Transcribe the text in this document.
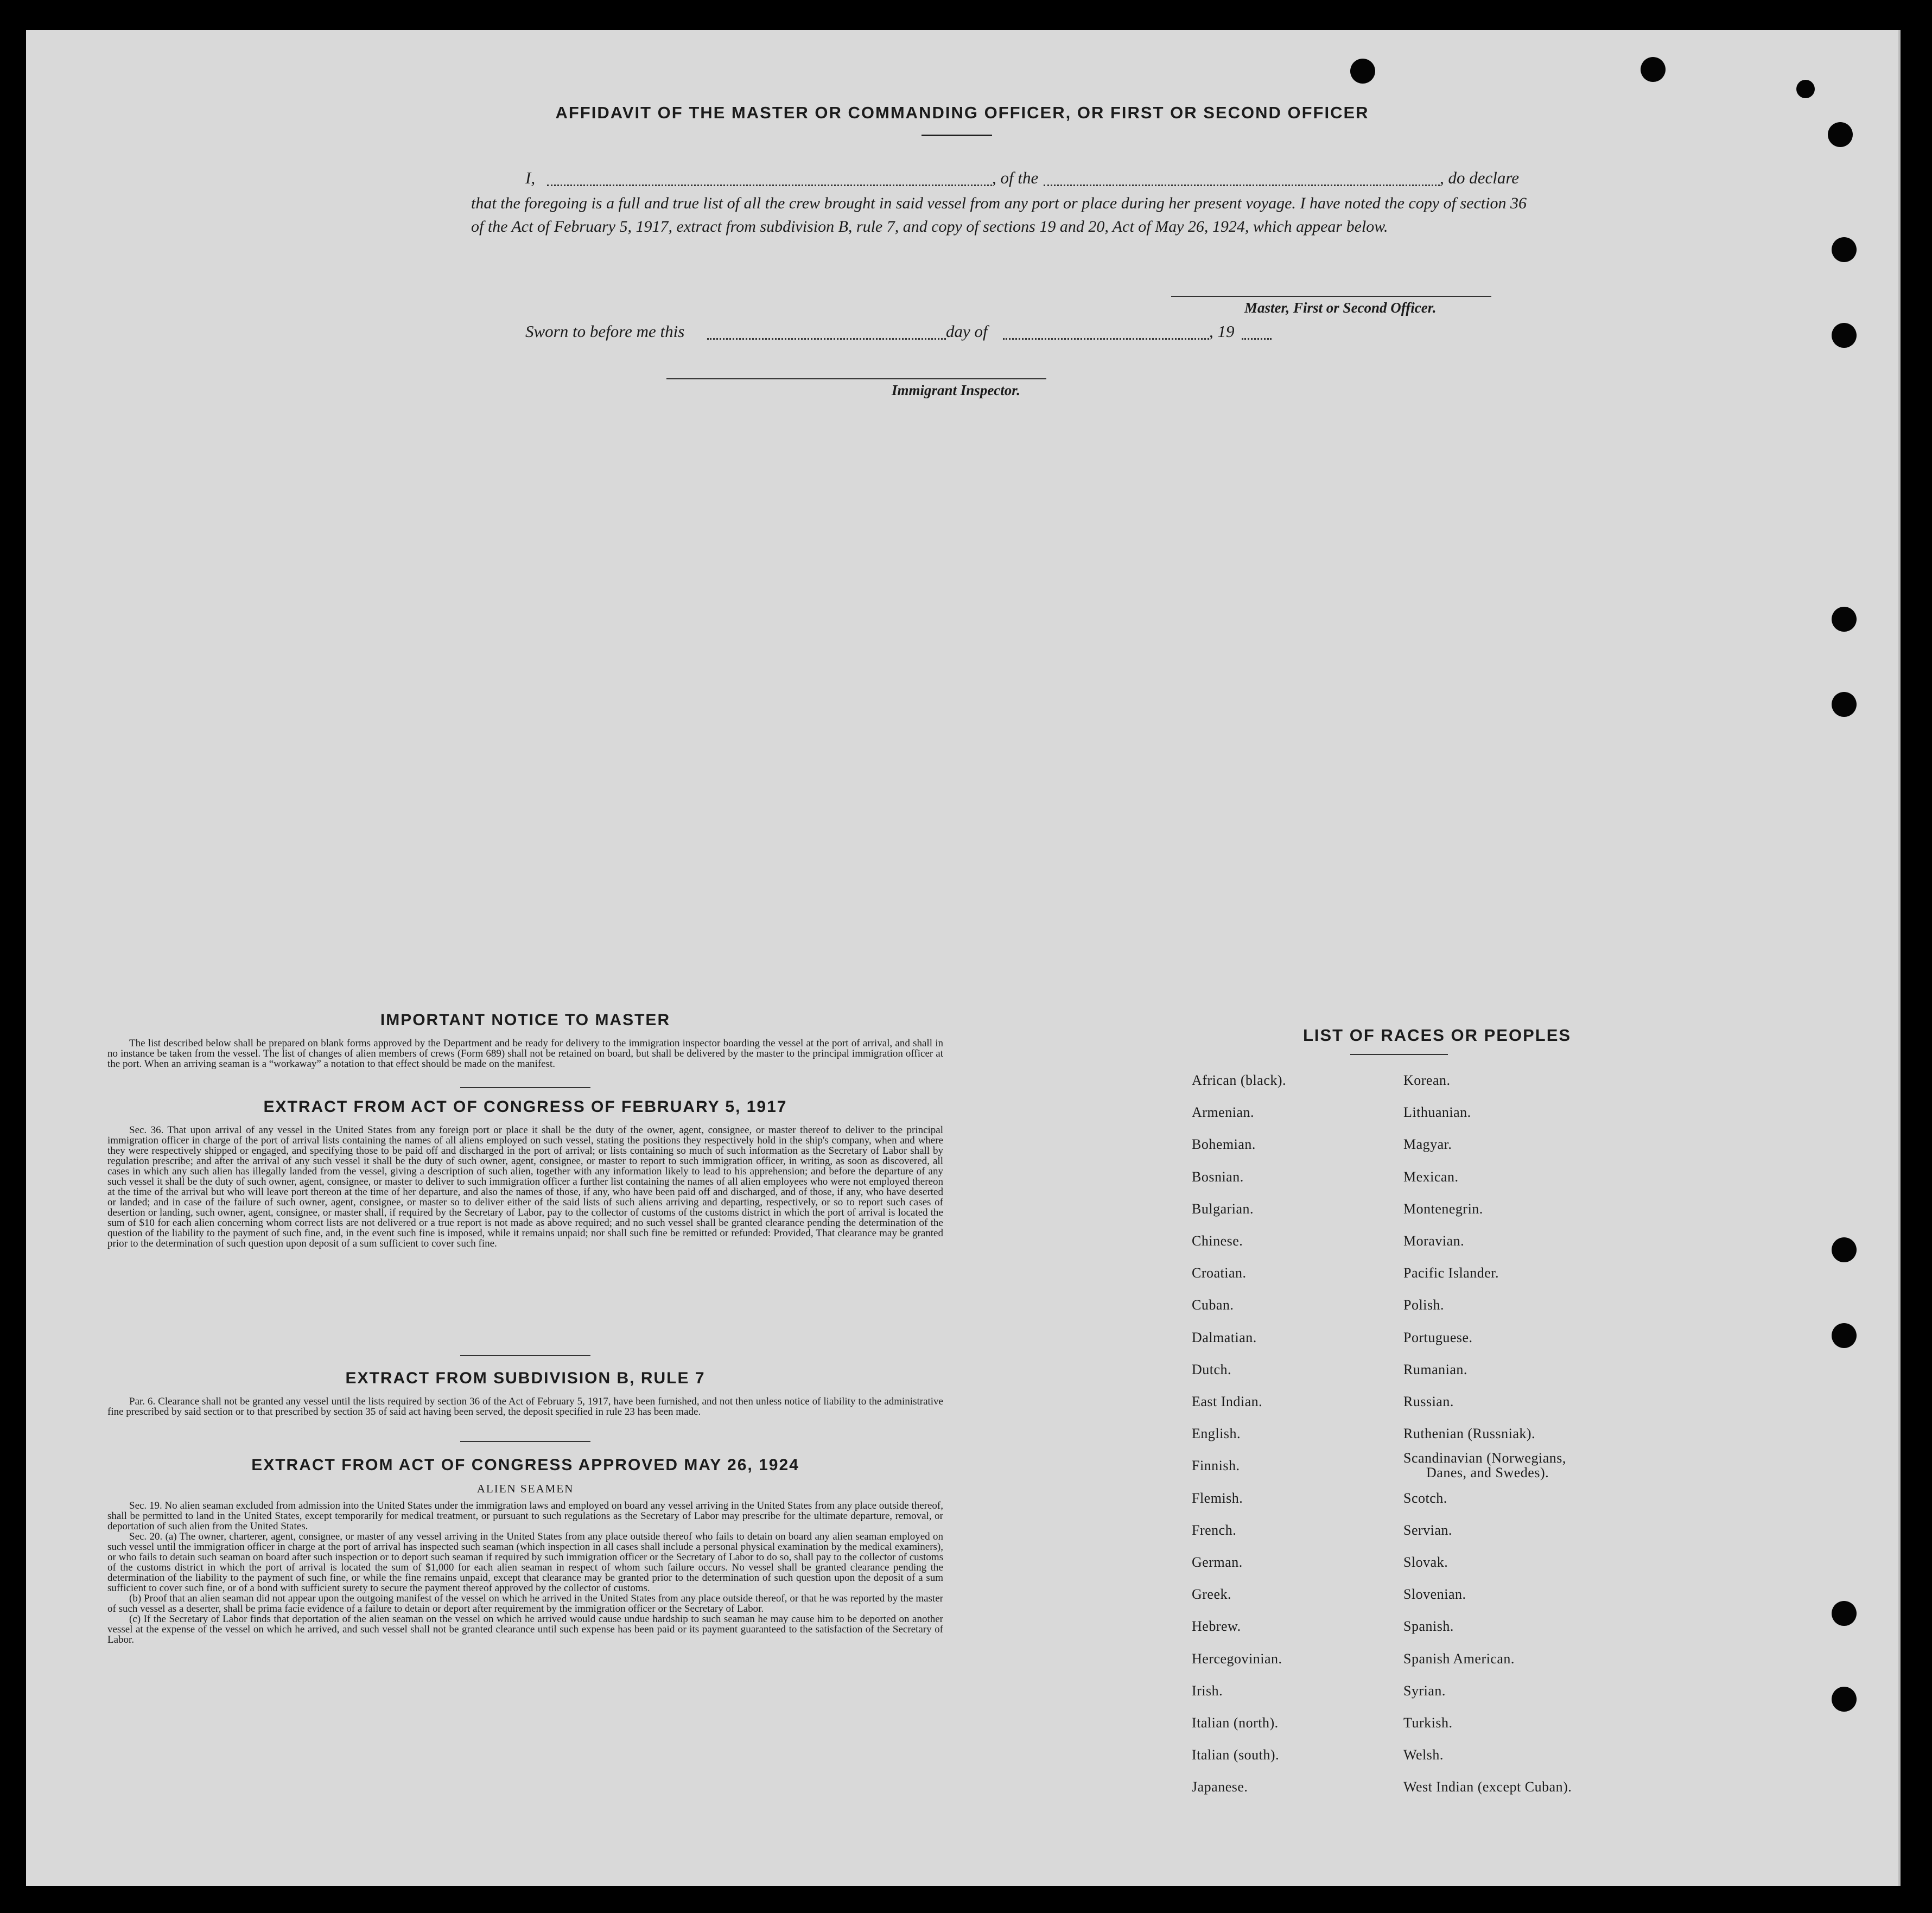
AFFIDAVIT OF THE MASTER OR COMMANDING OFFICER, OR FIRST OR SECOND OFFICER
I,	, of the	, do declare
that the foregoing is a full and true list of all the crew brought in said vessel from any port or place during her present voyage. I have noted the copy of section 36 of the Act of February 5, 1917, extract from subdivision B, rule 7, and copy of sections 19 and 20, Act of May 26, 1924, which appear below.
Master, First or Second Officer.
Sworn to before me this	day of	, 19
Immigrant Inspector.
IMPORTANT NOTICE TO MASTER

The list described below shall be prepared on blank forms approved by the Department and be ready for delivery to the immigration inspector boarding the vessel at the port of arrival, and shall in no instance be taken from the vessel. The list of changes of alien members of crews (Form 689) shall not be retained on board, but shall be delivered by the master to the principal immigration officer at the port. When an arriving seaman is a “workaway” a notation to that effect should be made on the manifest.

EXTRACT FROM ACT OF CONGRESS OF FEBRUARY 5, 1917

Sec. 36. That upon arrival of any vessel in the United States from any foreign port or place it shall be the duty of the owner, agent, consignee, or master thereof to deliver to the principal immigration officer in charge of the port of arrival lists containing the names of all aliens employed on such vessel, stating the positions they respectively hold in the ship's company, when and where they were respectively shipped or engaged, and specifying those to be paid off and discharged in the port of arrival; or lists containing so much of such information as the Secretary of Labor shall by regulation prescribe; and after the arrival of any such vessel it shall be the duty of such owner, agent, consignee, or master to report to such immigration officer, in writing, as soon as discovered, all cases in which any such alien has illegally landed from the vessel, giving a description of such alien, together with any information likely to lead to his apprehension; and before the departure of any such vessel it shall be the duty of such owner, agent, consignee, or master to deliver to such immigration officer a further list containing the names of all alien employees who were not employed thereon at the time of the arrival but who will leave port thereon at the time of her departure, and also the names of those, if any, who have been paid off and discharged, and of those, if any, who have deserted or landed; and in case of the failure of such owner, agent, consignee, or master so to deliver either of the said lists of such aliens arriving and departing, respectively, or so to report such cases of desertion or landing, such owner, agent, consignee, or master shall, if required by the Secretary of Labor, pay to the collector of customs of the customs district in which the port of arrival is located the sum of $10 for each alien concerning whom correct lists are not delivered or a true report is not made as above required; and no such vessel shall be granted clearance pending the determination of the question of the liability to the payment of such fine, and, in the event such fine is imposed, while it remains unpaid; nor shall such fine be remitted or refunded: Provided, That clearance may be granted prior to the determination of such question upon deposit of a sum sufficient to cover such fine.

EXTRACT FROM SUBDIVISION B, RULE 7

Par. 6. Clearance shall not be granted any vessel until the lists required by section 36 of the Act of February 5, 1917, have been furnished, and not then unless notice of liability to the administrative fine prescribed by said section or to that prescribed by section 35 of said act having been served, the deposit specified in rule 23 has been made.

EXTRACT FROM ACT OF CONGRESS APPROVED MAY 26, 1924
ALIEN SEAMEN

Sec. 19. No alien seaman excluded from admission into the United States under the immigration laws and employed on board any vessel arriving in the United States from any place outside thereof, shall be permitted to land in the United States, except temporarily for medical treatment, or pursuant to such regulations as the Secretary of Labor may prescribe for the ultimate departure, removal, or deportation of such alien from the United States.

Sec. 20. (a) The owner, charterer, agent, consignee, or master of any vessel arriving in the United States from any place outside thereof who fails to detain on board any alien seaman employed on such vessel until the immigration officer in charge at the port of arrival has inspected such seaman (which inspection in all cases shall include a personal physical examination by the medical examiners), or who fails to detain such seaman on board after such inspection or to deport such seaman if required by such immigration officer or the Secretary of Labor to do so, shall pay to the collector of customs of the customs district in which the port of arrival is located the sum of $1,000 for each alien seaman in respect of whom such failure occurs. No vessel shall be granted clearance pending the determination of the liability to the payment of such fine, or while the fine remains unpaid, except that clearance may be granted prior to the determination of such question upon the deposit of a sum sufficient to cover such fine, or of a bond with sufficient surety to secure the payment thereof approved by the collector of customs.

(b) Proof that an alien seaman did not appear upon the outgoing manifest of the vessel on which he arrived in the United States from any place outside thereof, or that he was reported by the master of such vessel as a deserter, shall be prima facie evidence of a failure to detain or deport after requirement by the immigration officer or the Secretary of Labor.

(c) If the Secretary of Labor finds that deportation of the alien seaman on the vessel on which he arrived would cause undue hardship to such seaman he may cause him to be deported on another vessel at the expense of the vessel on which he arrived, and such vessel shall not be granted clearance until such expense has been paid or its payment guaranteed to the satisfaction of the Secretary of Labor.

LIST OF RACES OR PEOPLES
African (black).
Armenian.
Bohemian.
Bosnian.
Bulgarian.
Chinese.
Croatian.
Cuban.
Dalmatian.
Dutch.
East Indian.
English.
Finnish.
Flemish.
French.
German.
Greek.
Hebrew.
Hercegovinian.
Irish.
Italian (north).
Italian (south).
Japanese.
Korean.
Lithuanian.
Magyar.
Mexican.
Montenegrin.
Moravian.
Pacific Islander.
Polish.
Portuguese.
Rumanian.
Russian.
Ruthenian (Russniak).
Scandinavian (Norwegians,
Danes, and Swedes).
Scotch.
Servian.
Slovak.
Slovenian.
Spanish.
Spanish American.
Syrian.
Turkish.
Welsh.
West Indian (except Cuban).
